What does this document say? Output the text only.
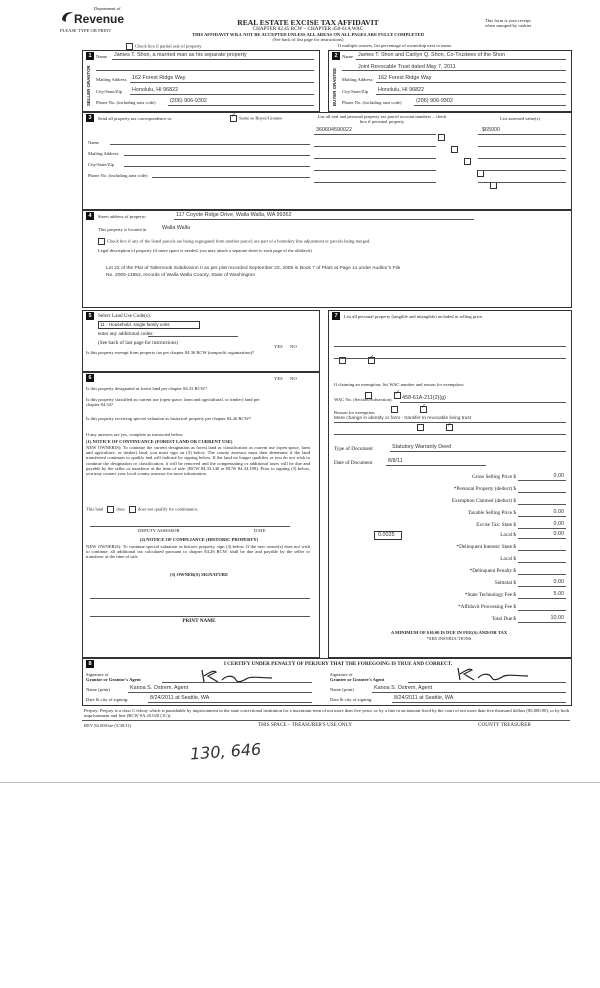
Department of
Revenue
PLEASE TYPE OR PRINT
REAL ESTATE EXCISE TAX AFFIDAVIT
CHAPTER 82.45 RCW – CHAPTER 458-61A WAC
THIS AFFIDAVIT WILL NOT BE ACCEPTED UNLESS ALL AREAS ON ALL PAGES ARE FULLY COMPLETED
(See back of last page for instructions)
This form is your receipt
when stamped by cashier
Check box if partial sale of property	If multiple owners, list percentage of ownership next to name.
1
SELLER GRANTOR
Name James T. Shon, a married man as his separate property
Mailing Address 162 Forest Ridge Way
City/State/Zip Honolulu, HI 96822
Phone No. (including area code)	(206) 906-9302
2
BUYER GRANTEE
Name James T. Shon and Carilyn Q. Shon, Co-Trustees of the Shon
Joint Revocable Trust dated May 7, 2011
Mailing Address 162 Forest Ridge Way
City/State/Zip Honolulu, HI 96822
Phone No. (including area code)	(206) 906-9302
3	Send all property tax correspondence to:
✓	Same as Buyer/Grantee
Name
Mailing Address
City/State/Zip
Phone No. (including area code)
List all real and personal property tax parcel account numbers – check box if personal property
List assessed value(s)
360604590022	$65000

4	Street address of property:	117 Coyote Ridge Drive, Walla Walla, WA 99362
This property is located in	Walla Walla
Check box if any of the listed parcels are being segregated from another parcel, are part of a boundary line adjustment or parcels being merged.
Legal description of property (if more space is needed, you may attach a separate sheet to each page of the affidavit)
Lot 22 of the Plat of Tatlernook Subdivision II as per plat recorded September 23, 2005 in Book 7 of Plats at Page 11 under Auditor's File
No. 2005-11852, records of Walla Walla County, State of Washington
5	Select Land Use Code(s):
11 - Household, single family units
enter any additional codes:
(See back of last page for instructions)
YES NO
Is this property exempt from property tax per chapter 84.36 RCW (nonprofit organization)?
✓
6	YES NO
Is this property designated as forest land per chapter 84.33 RCW?
✓
Is this property classified as current use (open space, farm and agricultural, or timber) land per chapter 84.34?
✓
Is this property receiving special valuation as historical property per chapter 84.26 RCW?
✓
If any answers are yes, complete as instructed below.
(1) NOTICE OF CONTINUANCE (FOREST LAND OR CURRENT USE)
NEW OWNER(S): To continue the current designation as forest land or classification as current use (open space, farm and agriculture, or timber) land, you must sign on (3) below. The county assessor must then determine if the land transferred continues to qualify and will indicate by signing below. If the land no longer qualifies or you do not wish to continue the designation or classification, it will be removed and the compensating or additional taxes will be due and payable by the seller or transferor at the time of sale. (RCW 84.33.140 or RCW 84.34.108). Prior to signing (3) below, you may contact your local county assessor for more information.
This land	does	does not qualify for continuance.
DEPUTY ASSESSOR	DATE
(2) NOTICE OF COMPLIANCE (HISTORIC PROPERTY)
NEW OWNER(S): To continue special valuation as historic property, sign (3) below. If the new owner(s) does not wish to continue, all additional tax calculated pursuant to chapter 84.26 RCW, shall be due and payable by the seller or transferor at the time of sale.
(3) OWNER(S) SIGNATURE
PRINT NAME
7	List all personal property (tangible and intangible) included in selling price.
If claiming an exemption, list WAC number and reason for exemption:
WAC No. (Section/Subsection) 458-61A-211(2)(g)
Reason for exemption
Mere change in identity or form - transfer to revocable living trust
Type of Document	Statutory Warranty Deed
Date of Document	8/8/11
Gross Selling Price $	0.00
*Personal Property (deduct) $
Exemption Claimed (deduct) $
Taxable Selling Price $	0.00
Excise Tax: State $	0.00
Local $	0.00
*Delinquent Interest: State $
Local $
*Delinquent Penalty $
Subtotal $	0.00
*State Technology Fee $	5.00
*Affidavit Processing Fee $
Total Due $	10.00
0.0025
A MINIMUM OF $10.00 IS DUE IN FEE(S) AND/OR TAX
*SEE INSTRUCTIONS
8	I CERTIFY UNDER PENALTY OF PERJURY THAT THE FOREGOING IS TRUE AND CORRECT.
Signature of
Grantor or Grantor's Agent
Name (print)	Kanoa S. Ostrem, Agent
Date & city of signing:	8/24/2011 at Seattle, WA
Signature of
Grantee or Grantee's Agent
Name (print)	Kanoa S. Ostrem, Agent
Date & city of signing:	8/24/2011 at Seattle, WA
Perjury: Perjury is a class C felony which is punishable by imprisonment in the state correctional institution for a maximum term of not more than five years, or by a fine in an amount fixed by the court of not more than five thousand dollars ($5,000.00), or by both imprisonment and fine (RCW 9A.20.020 (1C)).
REV 84 0001ae (5/30/11)	THIS SPACE – TREASURER'S USE ONLY	COUNTY TREASURER
130, 646
